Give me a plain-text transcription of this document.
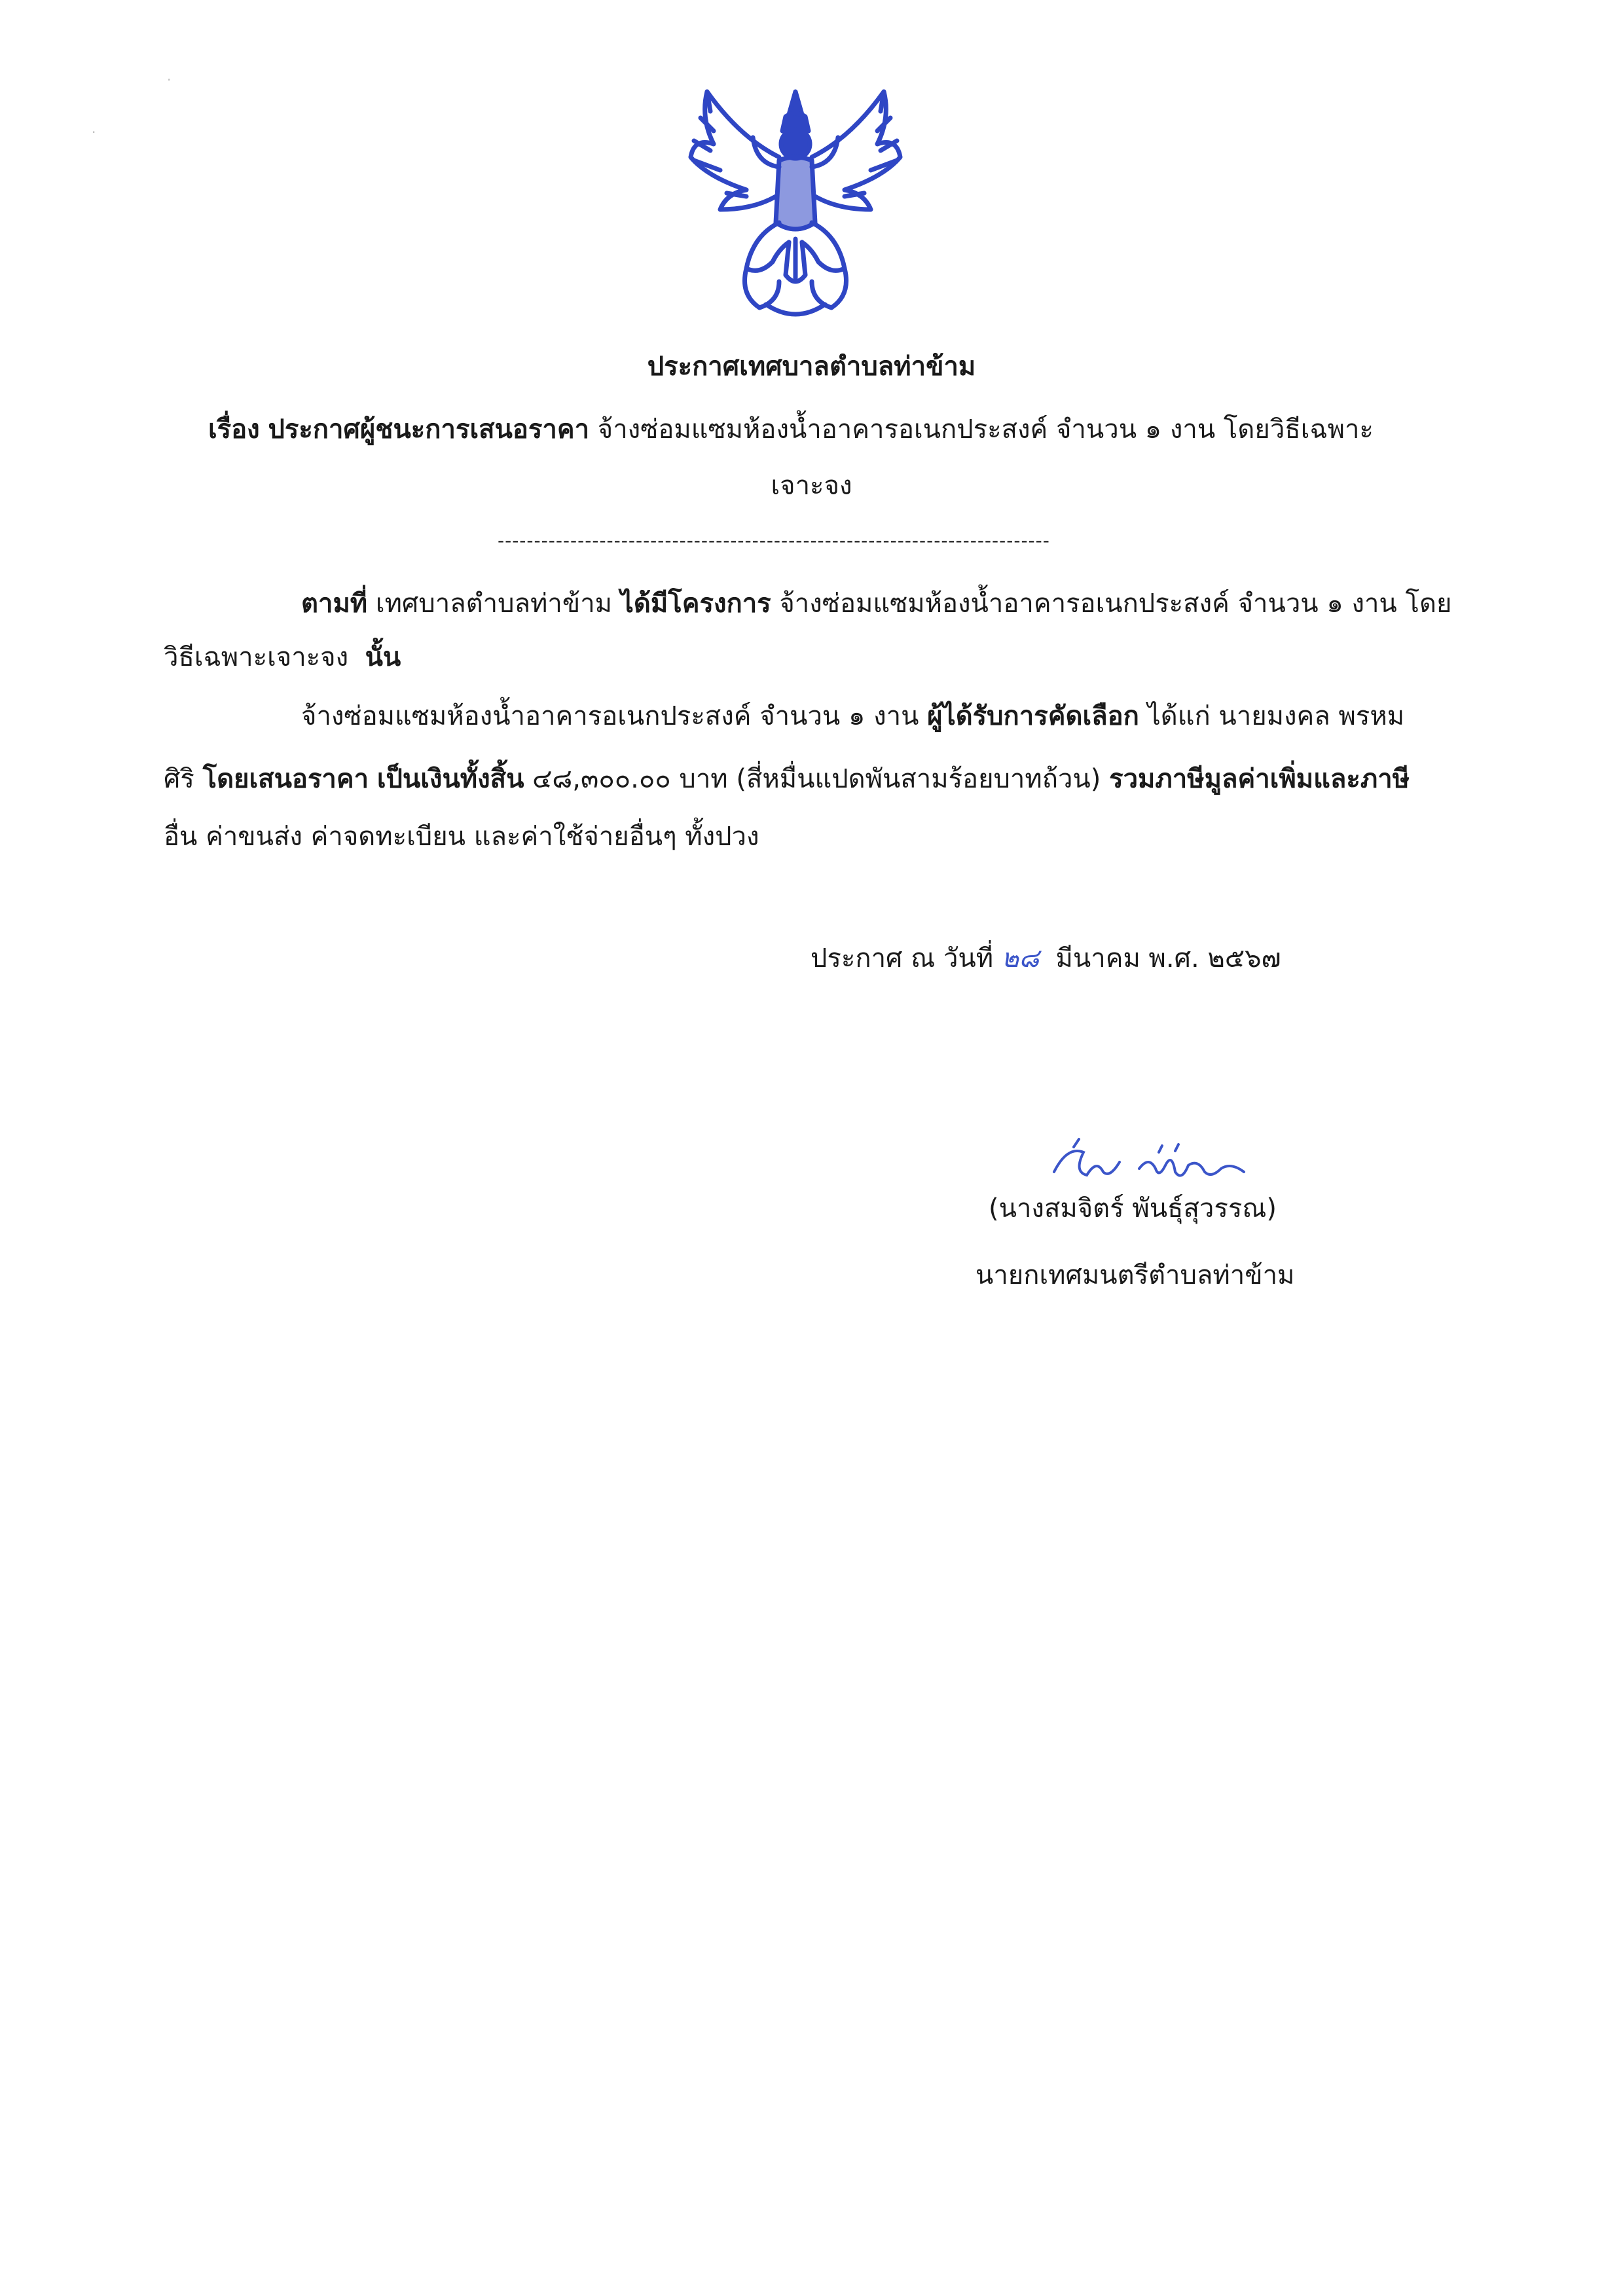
·
·
ประกาศเทศบาลตำบลท่าข้าม
เรื่อง ประกาศผู้ชนะการเสนอราคา จ้างซ่อมแซมห้องน้ำอาคารอเนกประสงค์ จำนวน ๑ งาน โดยวิธีเฉพาะ
เจาะจง
----------------------------------------------------------------------------
ตามที่ เทศบาลตำบลท่าข้าม ได้มีโครงการ จ้างซ่อมแซมห้องน้ำอาคารอเนกประสงค์ จำนวน ๑ งาน โดย
วิธีเฉพาะเจาะจง นั้น
จ้างซ่อมแซมห้องน้ำอาคารอเนกประสงค์ จำนวน ๑ งาน ผู้ได้รับการคัดเลือก ได้แก่ นายมงคล พรหม
ศิริ โดยเสนอราคา เป็นเงินทั้งสิ้น ๔๘,๓๐๐.๐๐ บาท (สี่หมื่นแปดพันสามร้อยบาทถ้วน) รวมภาษีมูลค่าเพิ่มและภาษี
อื่น ค่าขนส่ง ค่าจดทะเบียน และค่าใช้จ่ายอื่นๆ ทั้งปวง
ประกาศ ณ วันที่ ๒๘ มีนาคม พ.ศ. ๒๕๖๗
(นางสมจิตร์ พันธุ์สุวรรณ)
นายกเทศมนตรีตำบลท่าข้าม
